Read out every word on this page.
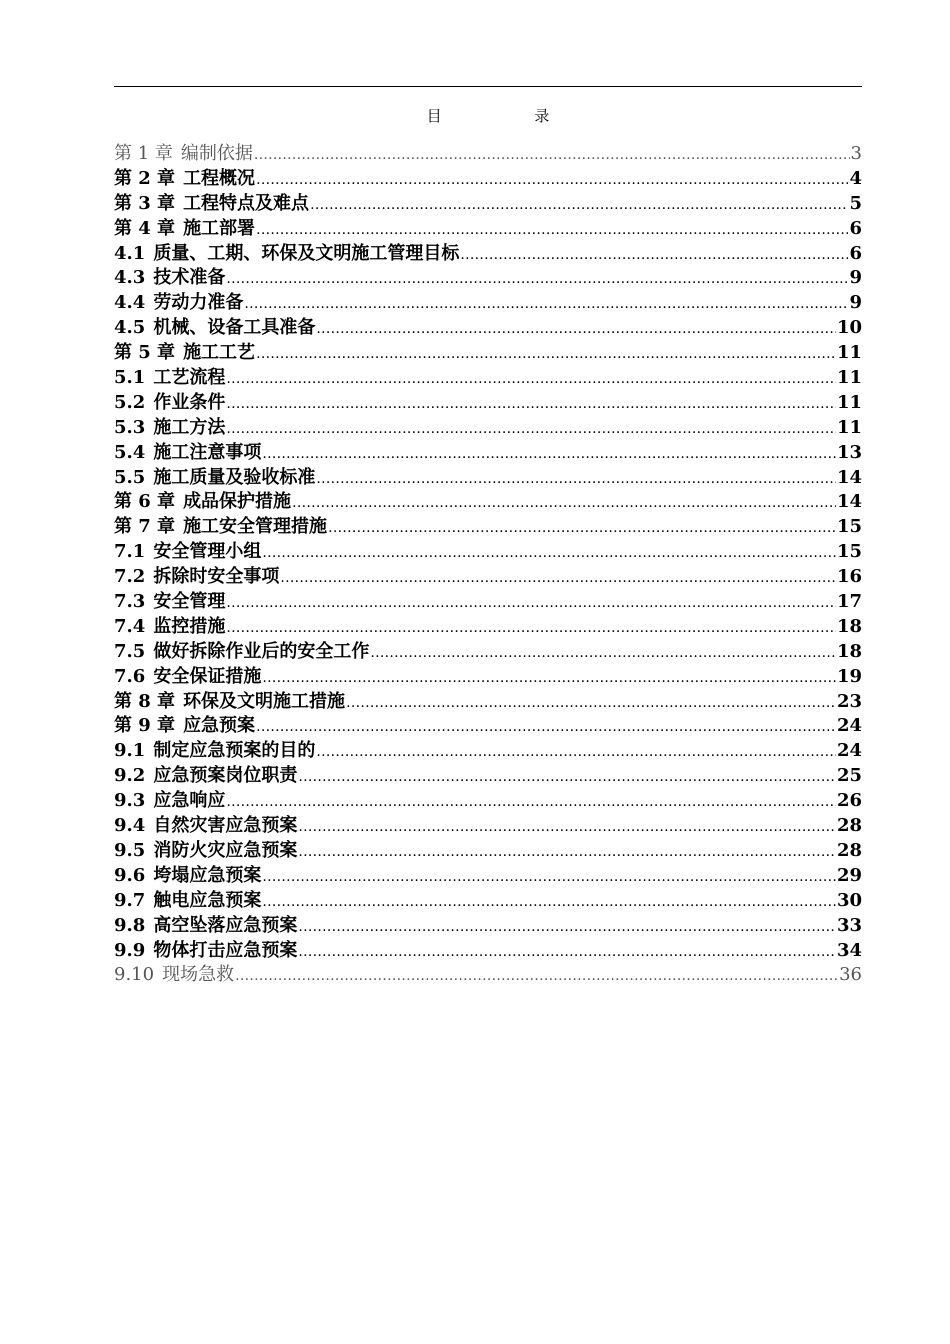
目 录
第 1 章 编制依据 .....	3
第 2 章 工程概况 .....	4
第 3 章 工程特点及难点 .....	5
第 4 章 施工部署 .....	6
4.1 质量、工期、环保及文明施工管理目标 .....	6
4.3 技术准备 .....	9
4.4 劳动力准备 .....	9
4.5 机械、设备工具准备 .....	10
第 5 章 施工工艺 .....	11
5.1 工艺流程 .....	11
5.2 作业条件 .....	11
5.3 施工方法 .....	11
5.4 施工注意事项 .....	13
5.5 施工质量及验收标准 .....	14
第 6 章 成品保护措施 .....	14
第 7 章 施工安全管理措施 .....	15
7.1 安全管理小组 .....	15
7.2 拆除时安全事项 .....	16
7.3 安全管理 .....	17
7.4 监控措施 .....	18
7.5 做好拆除作业后的安全工作 .....	18
7.6 安全保证措施 .....	19
第 8 章 环保及文明施工措施 .....	23
第 9 章 应急预案 .....	24
9.1 制定应急预案的目的 .....	24
9.2 应急预案岗位职责 .....	25
9.3 应急响应 .....	26
9.4 自然灾害应急预案 .....	28
9.5 消防火灾应急预案 .....	28
9.6 垮塌应急预案 .....	29
9.7 触电应急预案 .....	30
9.8 高空坠落应急预案 .....	33
9.9 物体打击应急预案 .....	34
9.10 现场急救 .....	36
